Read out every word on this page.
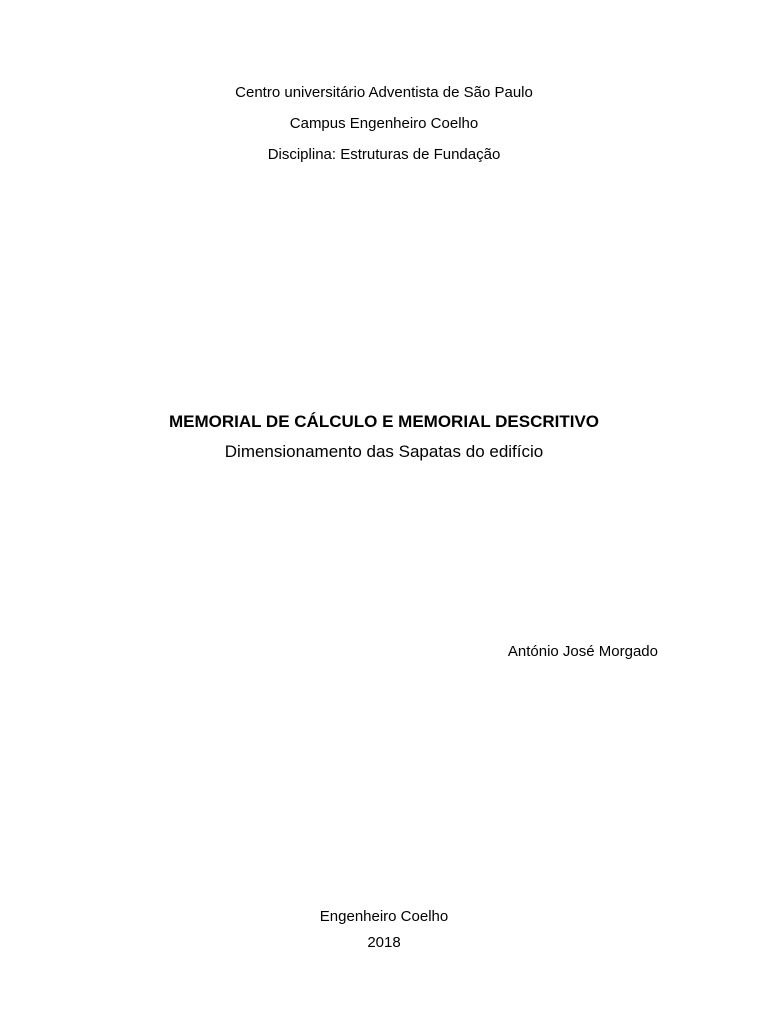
Centro universitário Adventista de São Paulo
Campus Engenheiro Coelho
Disciplina: Estruturas de Fundação
MEMORIAL DE CÁLCULO E MEMORIAL DESCRITIVO
Dimensionamento das Sapatas do edifício
António José Morgado
Engenheiro Coelho
2018
